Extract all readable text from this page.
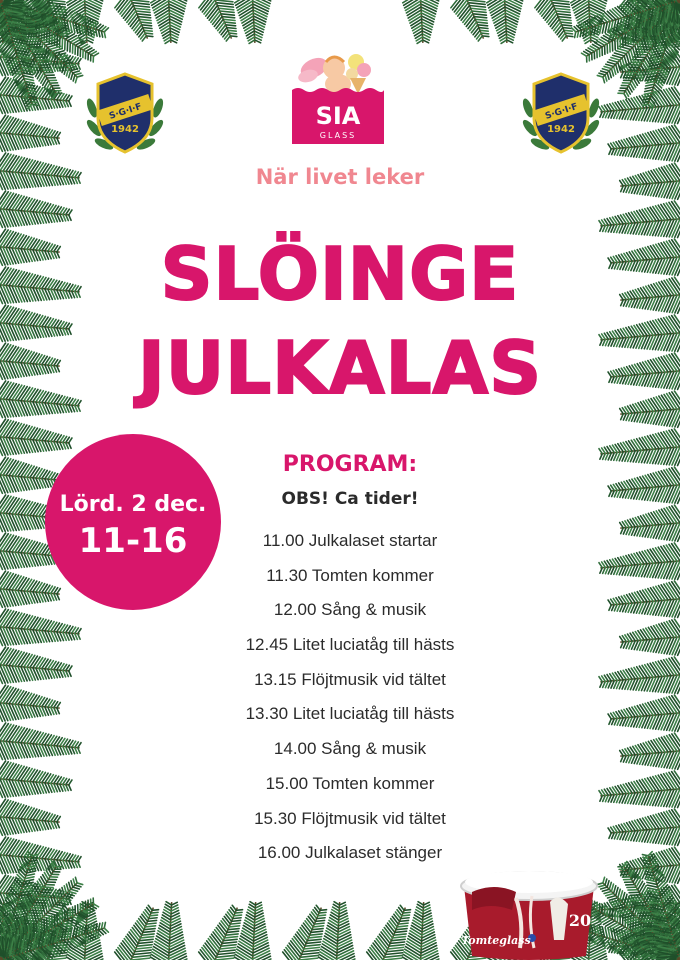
S·G·I·F
1942
S·G·I·F
1942
SIA
GLASS
När livet leker
SLÖINGE
JULKALAS
Lörd. 2 dec.
11-16
PROGRAM:
OBS! Ca tider!
11.00 Julkalaset startar
11.30 Tomten kommer
12.00 Sång & musik
12.45 Litet luciatåg till hästs
13.15 Flöjtmusik vid tältet
13.30 Litet luciatåg till hästs
14.00 Sång & musik
15.00 Tomten kommer
15.30 Flöjtmusik vid tältet
16.00 Julkalaset stänger
Tomteglass
20
